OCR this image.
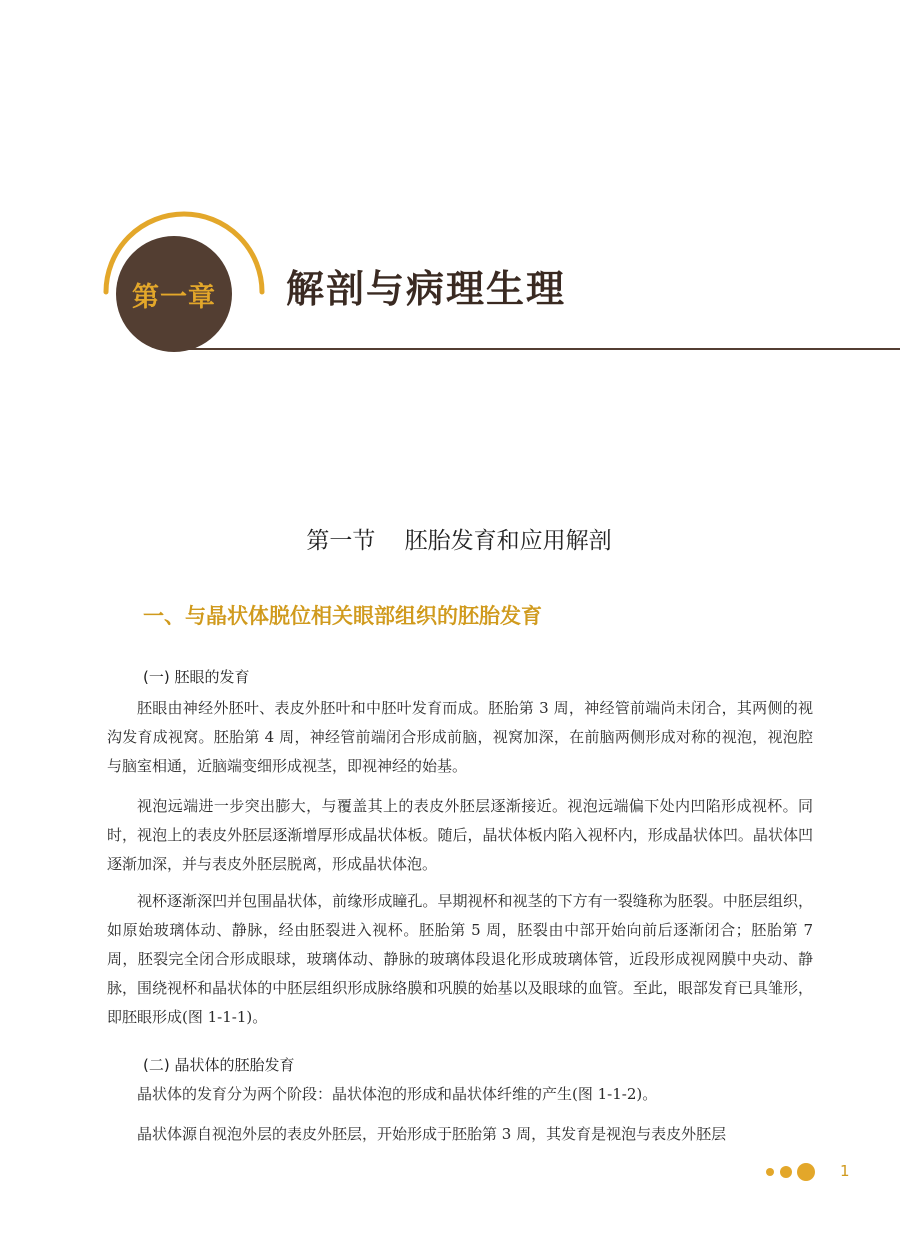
第一章 解剖与病理生理
第一节    胚胎发育和应用解剖
一、与晶状体脱位相关眼部组织的胚胎发育
(一) 胚眼的发育

胚眼由神经外胚叶、表皮外胚叶和中胚叶发育而成。胚胎第 3 周，神经管前端尚未闭合，其两侧的视沟发育成视窝。胚胎第 4 周，神经管前端闭合形成前脑，视窝加深，在前脑两侧形成对称的视泡，视泡腔与脑室相通，近脑端变细形成视茎，即视神经的始基。

视泡远端进一步突出膨大，与覆盖其上的表皮外胚层逐渐接近。视泡远端偏下处内凹陷形成视杯。同时，视泡上的表皮外胚层逐渐增厚形成晶状体板。随后，晶状体板内陷入视杯内，形成晶状体凹。晶状体凹逐渐加深，并与表皮外胚层脱离，形成晶状体泡。

视杯逐渐深凹并包围晶状体，前缘形成瞳孔。早期视杯和视茎的下方有一裂缝称为胚裂。中胚层组织，如原始玻璃体动、静脉，经由胚裂进入视杯。胚胎第 5 周，胚裂由中部开始向前后逐渐闭合；胚胎第 7 周，胚裂完全闭合形成眼球，玻璃体动、静脉的玻璃体段退化形成玻璃体管，近段形成视网膜中央动、静脉，围绕视杯和晶状体的中胚层组织形成脉络膜和巩膜的始基以及眼球的血管。至此，眼部发育已具雏形，即胚眼形成(图 1-1-1)。

(二) 晶状体的胚胎发育

晶状体的发育分为两个阶段：晶状体泡的形成和晶状体纤维的产生(图 1-1-2)。

晶状体源自视泡外层的表皮外胚层，开始形成于胚胎第 3 周，其发育是视泡与表皮外胚层

1
